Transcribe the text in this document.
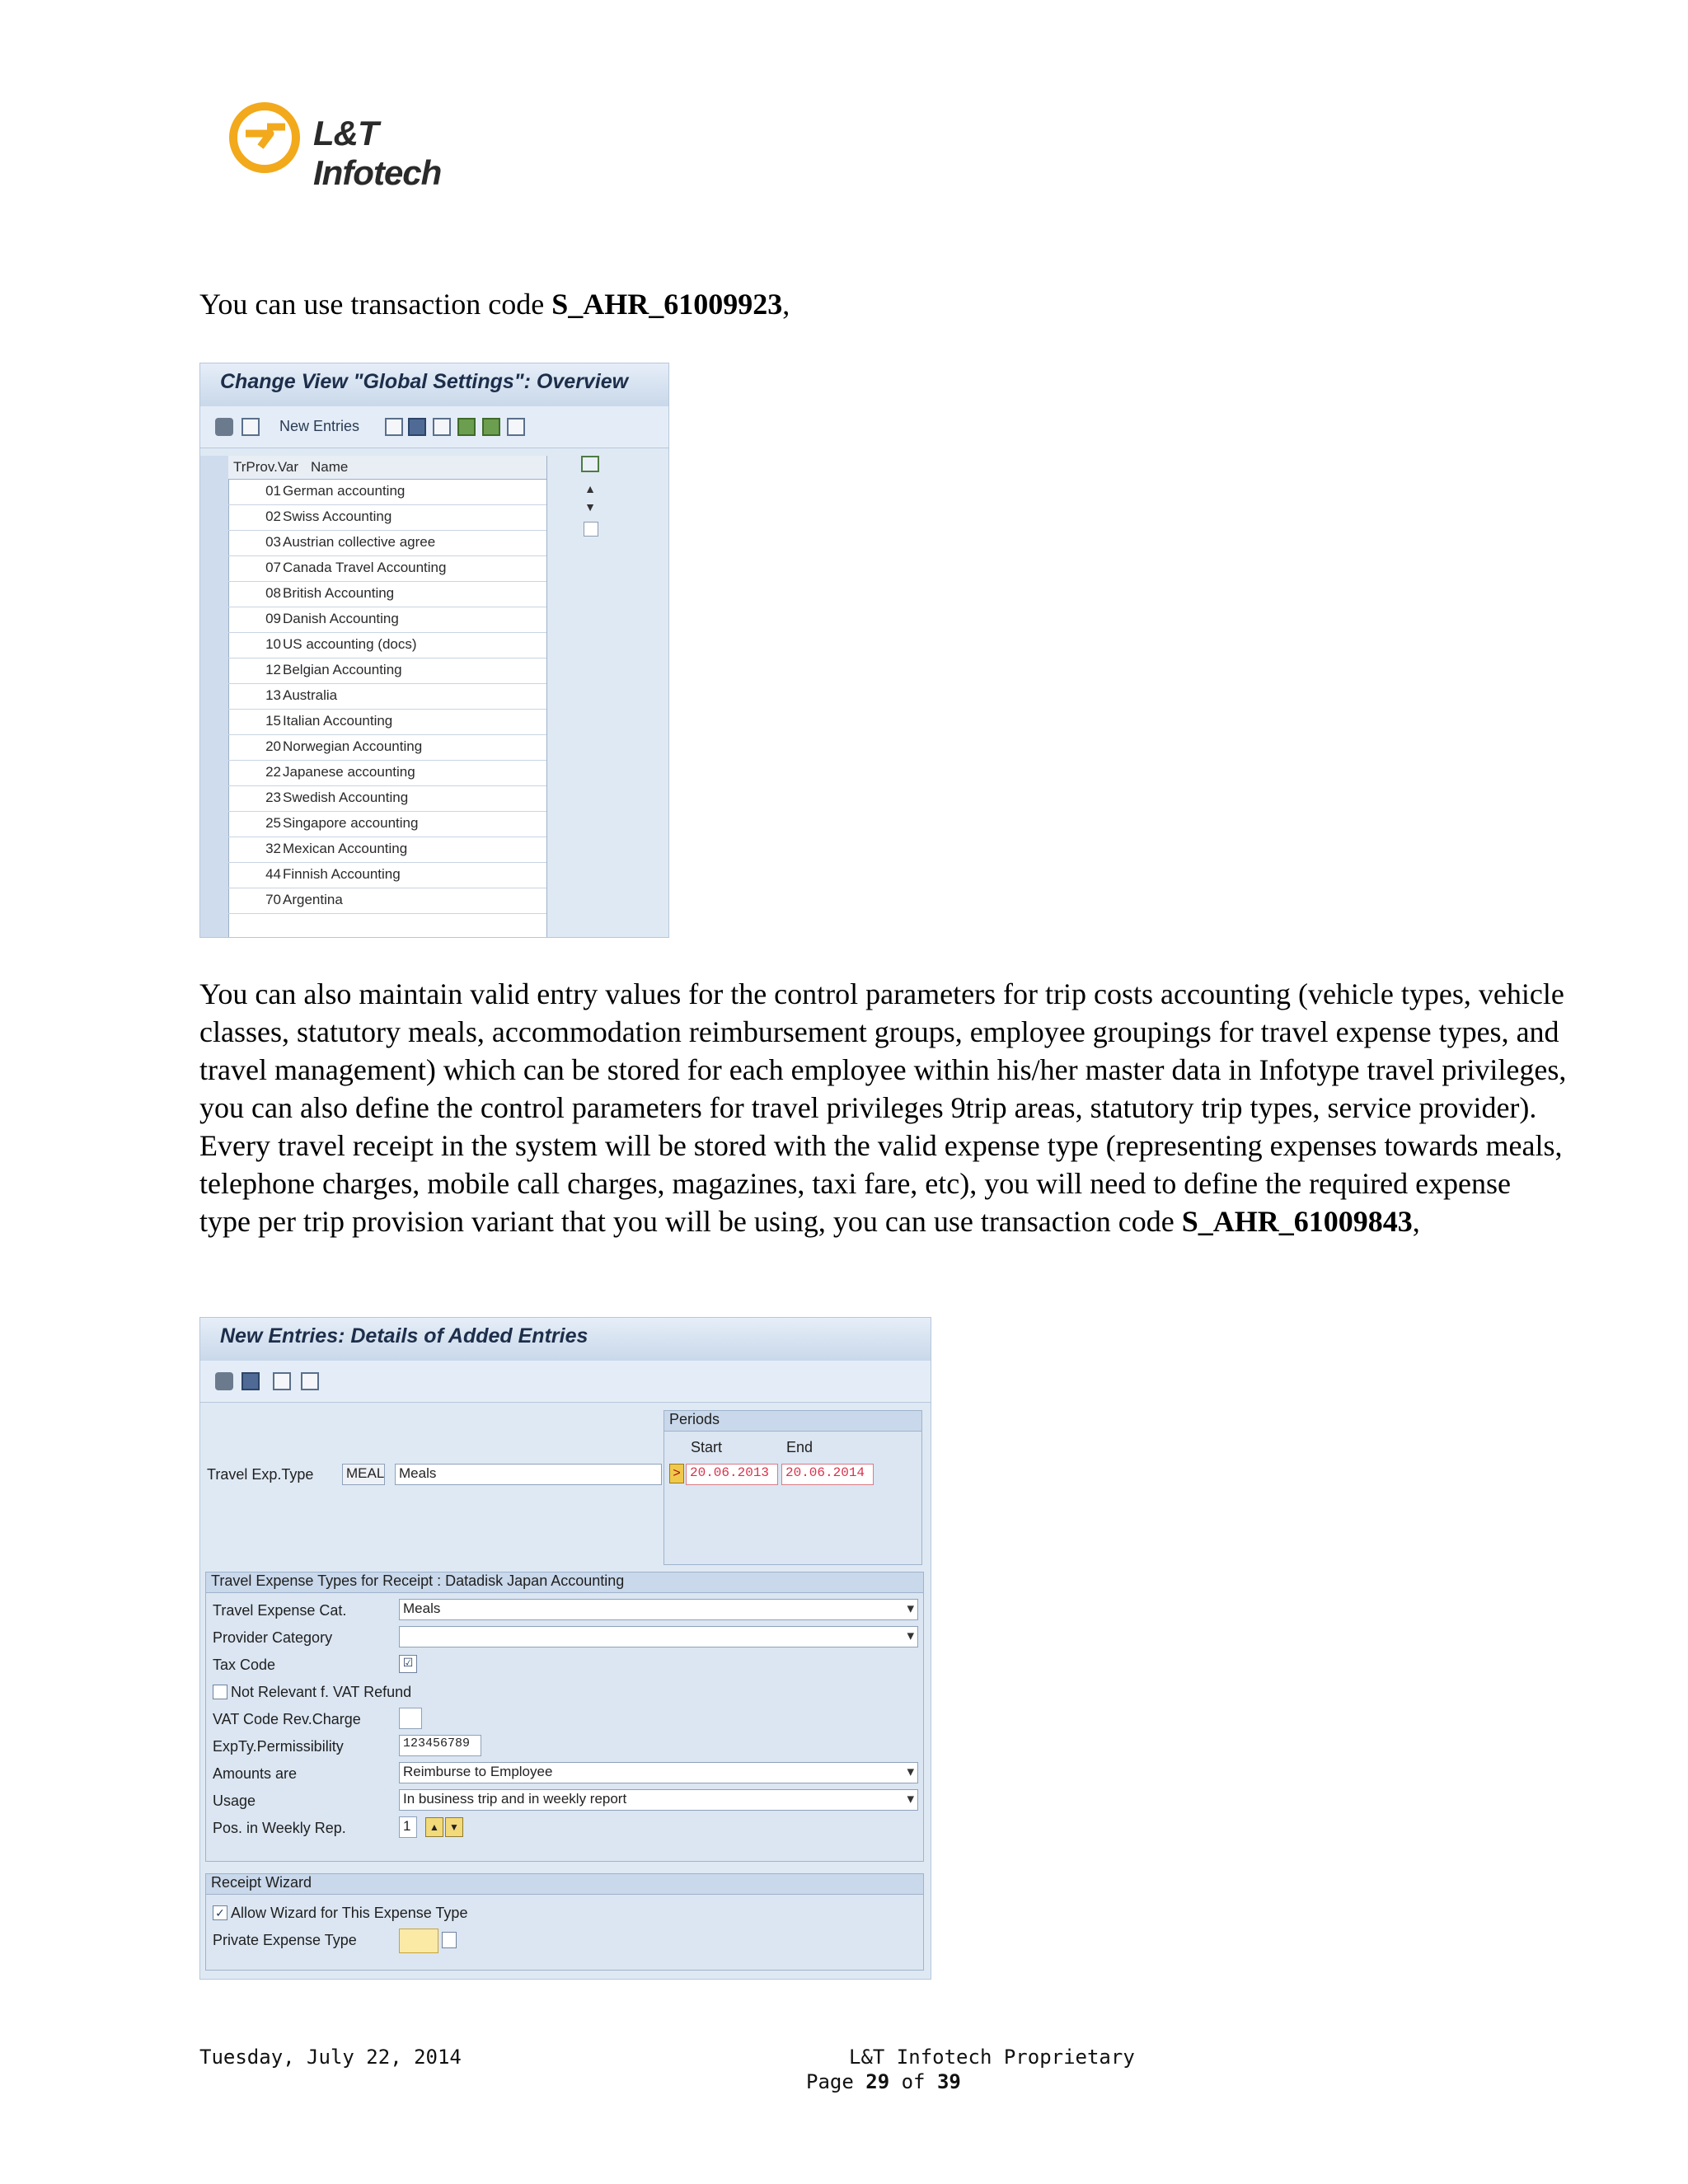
L&T Infotech
You can use transaction code S_AHR_61009923,
Change View "Global Settings": Overview
New Entries
TrProv.Var Name
01 German accounting
02 Swiss Accounting
03 Austrian collective agree
07 Canada Travel Accounting
08 British Accounting
09 Danish Accounting
10 US accounting (docs)
12 Belgian Accounting
13 Australia
15 Italian Accounting
20 Norwegian Accounting
22 Japanese accounting
23 Swedish Accounting
25 Singapore accounting
32 Mexican Accounting
44 Finnish Accounting
70 Argentina
▲
▼
You can also maintain valid entry values for the control parameters for trip costs accounting (vehicle types, vehicle classes, statutory meals, accommodation reimbursement groups, employee groupings for travel expense types, and travel management) which can be stored for each employee within his/her master data in Infotype travel privileges, you can also define the control parameters for travel privileges 9trip areas, statutory trip types, service provider). Every travel receipt in the system will be stored with the valid expense type (representing expenses towards meals, telephone charges, mobile call charges, magazines, taxi fare, etc), you will need to define the required expense type per trip provision variant that you will be using, you can use transaction code S_AHR_61009843,
New Entries: Details of Added Entries
Travel Exp.Type MEAL Meals
Periods
Start	End
> 20.06.2013	20.06.2014
Travel Expense Types for Receipt : Datadisk Japan Accounting
Travel Expense Cat.	Meals ▾
Provider Category
▾
Tax Code	☑
Not Relevant f. VAT Refund
VAT Code Rev.Charge
ExpTy.Permissibility	123456789
Amounts are	Reimburse to Employee ▾
Usage	In business trip and in weekly report ▾
Pos. in Weekly Rep.	1	▲	▼
Receipt Wizard
✓ Allow Wizard for This Expense Type
Private Expense Type
Tuesday, July 22, 2014	L&T Infotech Proprietary
Page 29 of 39
